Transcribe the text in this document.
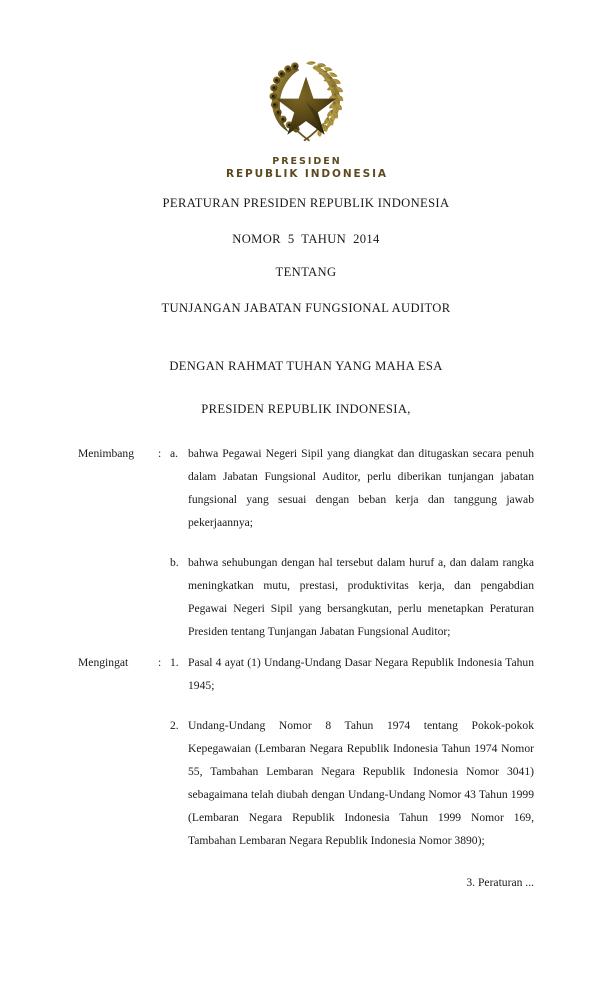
PRESIDEN
REPUBLIK INDONESIA
PERATURAN PRESIDEN REPUBLIK INDONESIA
NOMOR  5  TAHUN  2014
TENTANG
TUNJANGAN JABATAN FUNGSIONAL AUDITOR
DENGAN RAHMAT TUHAN YANG MAHA ESA
PRESIDEN REPUBLIK INDONESIA,
Menimbang	: a. bahwa Pegawai Negeri Sipil yang diangkat dan ditugaskan secara penuh dalam Jabatan Fungsional Auditor, perlu diberikan tunjangan jabatan fungsional yang sesuai dengan beban kerja dan tanggung jawab pekerjaannya;
b. bahwa sehubungan dengan hal tersebut dalam huruf a, dan dalam rangka meningkatkan mutu, prestasi, produktivitas kerja, dan pengabdian Pegawai Negeri Sipil yang bersangkutan, perlu menetapkan Peraturan Presiden tentang Tunjangan Jabatan Fungsional Auditor;
Mengingat	: 1. Pasal 4 ayat (1) Undang-Undang Dasar Negara Republik Indonesia Tahun 1945;
2. Undang-Undang Nomor 8 Tahun 1974 tentang Pokok-pokok Kepegawaian (Lembaran Negara Republik Indonesia Tahun 1974 Nomor 55, Tambahan Lembaran Negara Republik Indonesia Nomor 3041) sebagaimana telah diubah dengan Undang-Undang Nomor 43 Tahun 1999 (Lembaran Negara Republik Indonesia Tahun 1999 Nomor 169, Tambahan Lembaran Negara Republik Indonesia Nomor 3890);
3. Peraturan ...
